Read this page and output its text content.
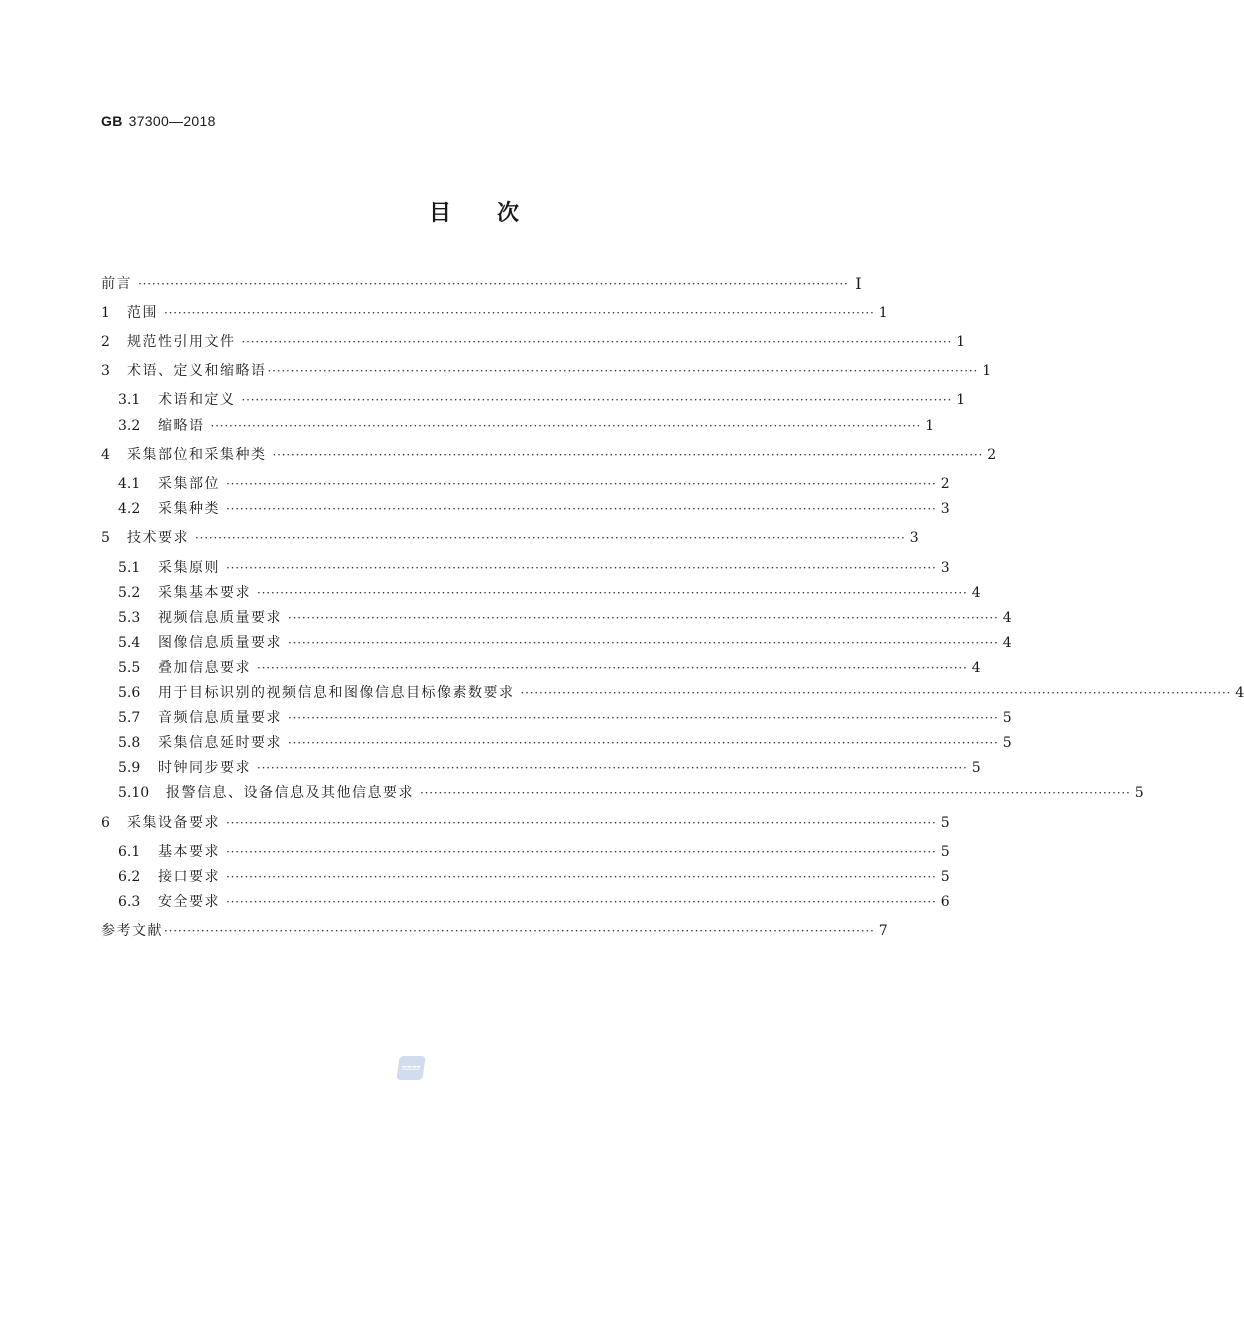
GB 37300—2018
目 次
前言 ·························································································································································· I
1	范围 ·························································································································································· 1
2	规范性引用文件 ·························································································································································· 1
3	术语、定义和缩略语 ·························································································································································· 1
3.1	术语和定义 ·························································································································································· 1
3.2	缩略语 ·························································································································································· 1
4	采集部位和采集种类 ·························································································································································· 2
4.1	采集部位 ·························································································································································· 2
4.2	采集种类 ·························································································································································· 3
5	技术要求 ·························································································································································· 3
5.1	采集原则 ·························································································································································· 3
5.2	采集基本要求 ·························································································································································· 4
5.3	视频信息质量要求 ·························································································································································· 4
5.4	图像信息质量要求 ·························································································································································· 4
5.5	叠加信息要求 ·························································································································································· 4
5.6	用于目标识别的视频信息和图像信息目标像素数要求 ·························································································································································· 4
5.7	音频信息质量要求 ·························································································································································· 5
5.8	采集信息延时要求 ·························································································································································· 5
5.9	时钟同步要求 ·························································································································································· 5
5.10	报警信息、设备信息及其他信息要求 ·························································································································································· 5
6	采集设备要求 ·························································································································································· 5
6.1	基本要求 ·························································································································································· 5
6.2	接口要求 ·························································································································································· 5
6.3	安全要求 ·························································································································································· 6
参考文献 ·························································································································································· 7
